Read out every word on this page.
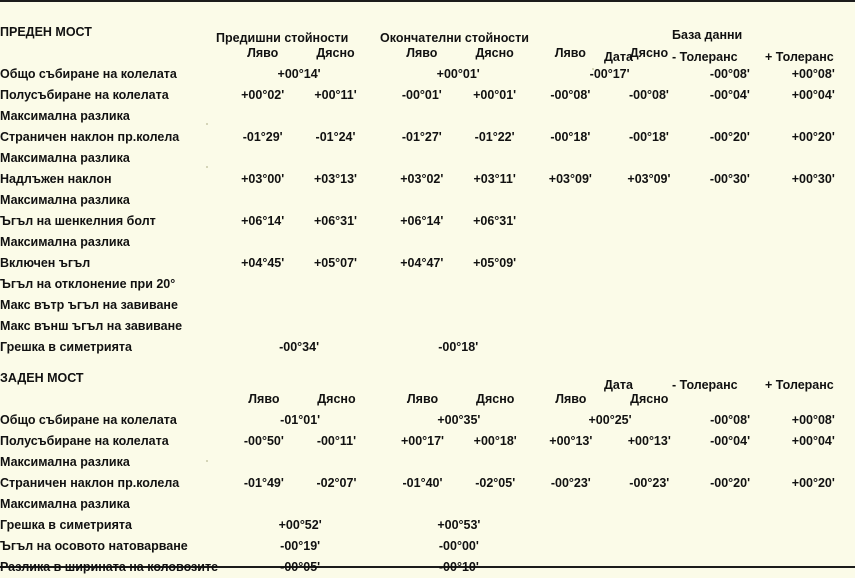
Предишни стойности	Окончателни стойности	База данни
Дата	- Толеранс + Толеранс
Дата	- Толеранс + Толеранс
ПРЕДЕН МОСТ									
	Ляво	Дясно		Ляво	Дясно	Ляво	Дясно		
Общо събиране на колелата	+00°14'			+00°01'		-00°17'		-00°08'	+00°08'
Полусъбиране на колелата	+00°02'	+00°11'		-00°01'	+00°01'	-00°08'	-00°08'	-00°04'	+00°04'
Максимална разлика									
Страничен наклон пр.колела	-01°29'	-01°24'		-01°27'	-01°22'	-00°18'	-00°18'	-00°20'	+00°20'
Максимална разлика									
Надлъжен наклон	+03°00'	+03°13'		+03°02'	+03°11'	+03°09'	+03°09'	-00°30'	+00°30'
Максимална разлика									
Ъгъл на шенкелния болт	+06°14'	+06°31'		+06°14'	+06°31'				
Максимална разлика									
Включен ъгъл	+04°45'	+05°07'		+04°47'	+05°09'				
Ъгъл на отклонение при 20°									
Макс вътр ъгъл на завиване									
Макс външ ъгъл на завиване									
Грешка в симетрията	-00°34'			-00°18'					
ЗАДЕН МОСТ									
	Ляво	Дясно		Ляво	Дясно	Ляво	Дясно		
Общо събиране на колелата	-01°01'			+00°35'		+00°25'		-00°08'	+00°08'
Полусъбиране на колелата	-00°50'	-00°11'		+00°17'	+00°18'	+00°13'	+00°13'	-00°04'	+00°04'
Максимална разлика									
Страничен наклон пр.колела	-01°49'	-02°07'		-01°40'	-02°05'	-00°23'	-00°23'	-00°20'	+00°20'
Максимална разлика									
Грешка в симетрията	+00°52'			+00°53'					
Ъгъл на осовото натоварване	-00°19'			-00°00'					
Разлика в ширината на коловозите	-00°05'			-00°10'					
